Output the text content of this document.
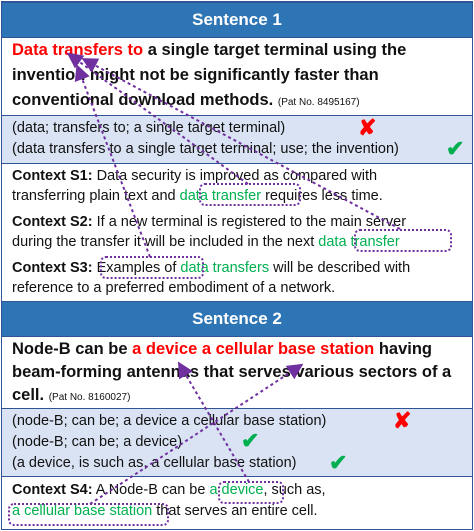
Sentence 1
Data transfers to a single target terminal using the
invention might not be significantly faster than
conventional download methods. (Pat No. 8495167)
(data; transfers to; a single target terminal)	✘
(data transfers to a single target terminal; use; the invention) ✔
Context S1: Data security is improved as compared with
transferring plain text and data transfer requires less time.
Context S2: If a new terminal is registered to the main server
during the transfer it will be included in the next data transfer
Context S3: Examples of data transfers will be described with
reference to a preferred embodiment of a network.
Sentence 2
Node-B can be a device a cellular base station having
beam-forming antennas that serves various sectors of a
cell. (Pat No. 8160027)
(node-B; can be; a device a cellular base station)	✘
(node-B; can be; a device)	✔
(a device, is such as, a cellular base station) ✔
Context S4: A Node-B can be a device, such as,
a cellular base station that serves an entire cell.
